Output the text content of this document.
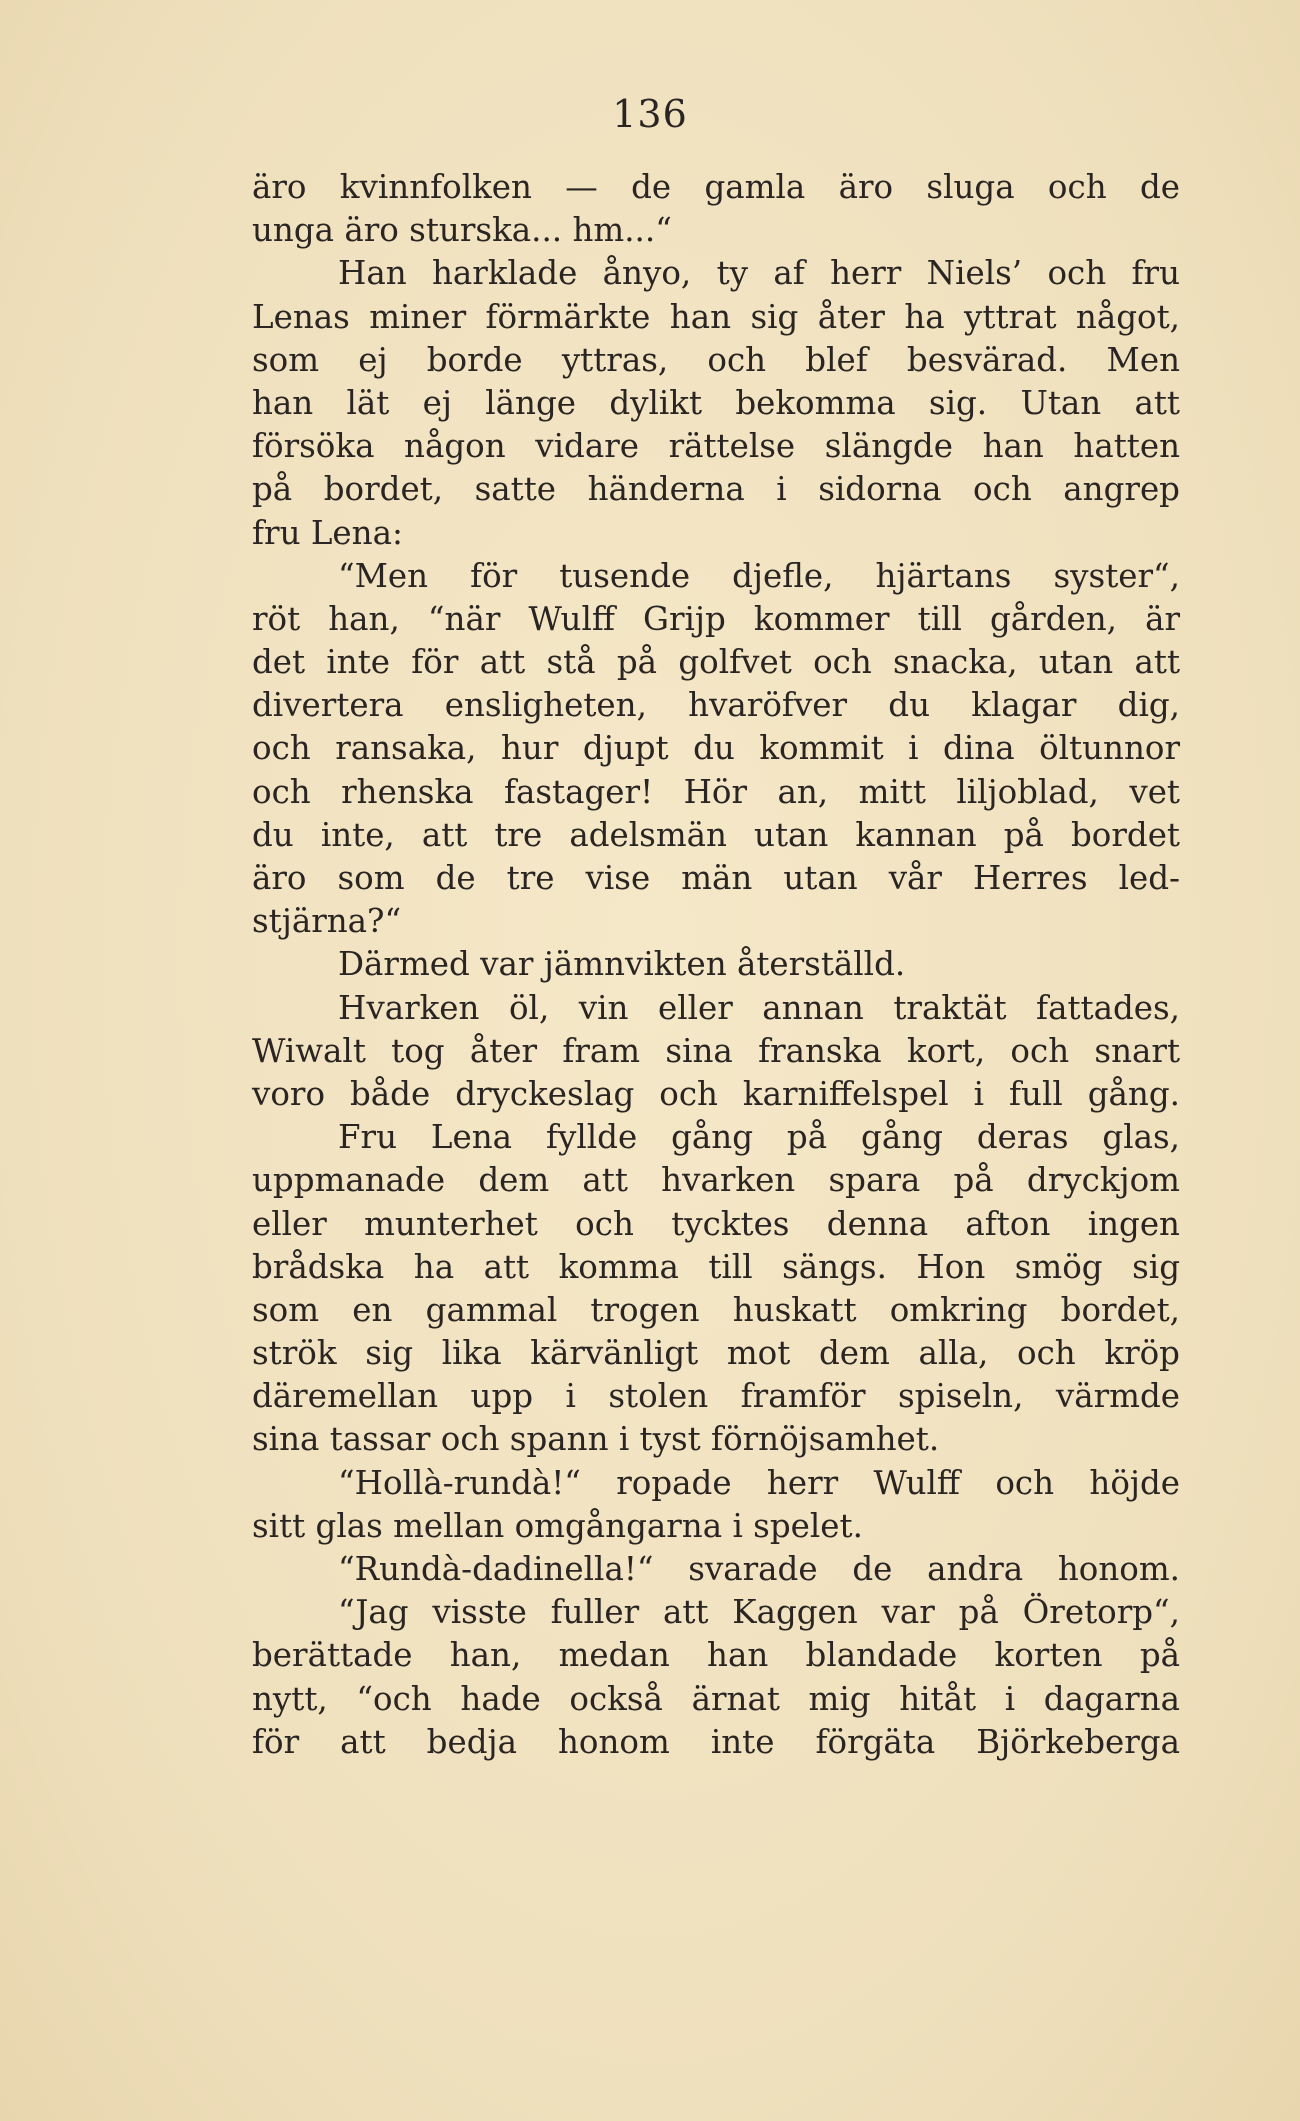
136
äro kvinnfolken — de gamla äro sluga och de
unga äro sturska... hm...“
Han harklade ånyo, ty af herr Niels’ och fru
Lenas miner förmärkte han sig åter ha yttrat något,
som ej borde yttras, och blef besvärad. Men
han lät ej länge dylikt bekomma sig. Utan att
försöka någon vidare rättelse slängde han hatten
på bordet, satte händerna i sidorna och angrep
fru Lena:
“Men för tusende djefle, hjärtans syster“,
röt han, “när Wulff Grijp kommer till gården, är
det inte för att stå på golfvet och snacka, utan att
divertera ensligheten, hvaröfver du klagar dig,
och ransaka, hur djupt du kommit i dina öltunnor
och rhenska fastager! Hör an, mitt liljoblad, vet
du inte, att tre adelsmän utan kannan på bordet
äro som de tre vise män utan vår Herres led-
stjärna?“
Därmed var jämnvikten återställd.
Hvarken öl, vin eller annan traktät fattades,
Wiwalt tog åter fram sina franska kort, och snart
voro både dryckeslag och karniffelspel i full gång.
Fru Lena fyllde gång på gång deras glas,
uppmanade dem att hvarken spara på dryckjom
eller munterhet och tycktes denna afton ingen
brådska ha att komma till sängs. Hon smög sig
som en gammal trogen huskatt omkring bordet,
strök sig lika kärvänligt mot dem alla, och kröp
däremellan upp i stolen framför spiseln, värmde
sina tassar och spann i tyst förnöjsamhet.
“Hollà-rundà!“ ropade herr Wulff och höjde
sitt glas mellan omgångarna i spelet.
“Rundà-dadinella!“ svarade de andra honom.
“Jag visste fuller att Kaggen var på Öretorp“,
berättade han, medan han blandade korten på
nytt, “och hade också ärnat mig hitåt i dagarna
för att bedja honom inte förgäta Björkeberga
